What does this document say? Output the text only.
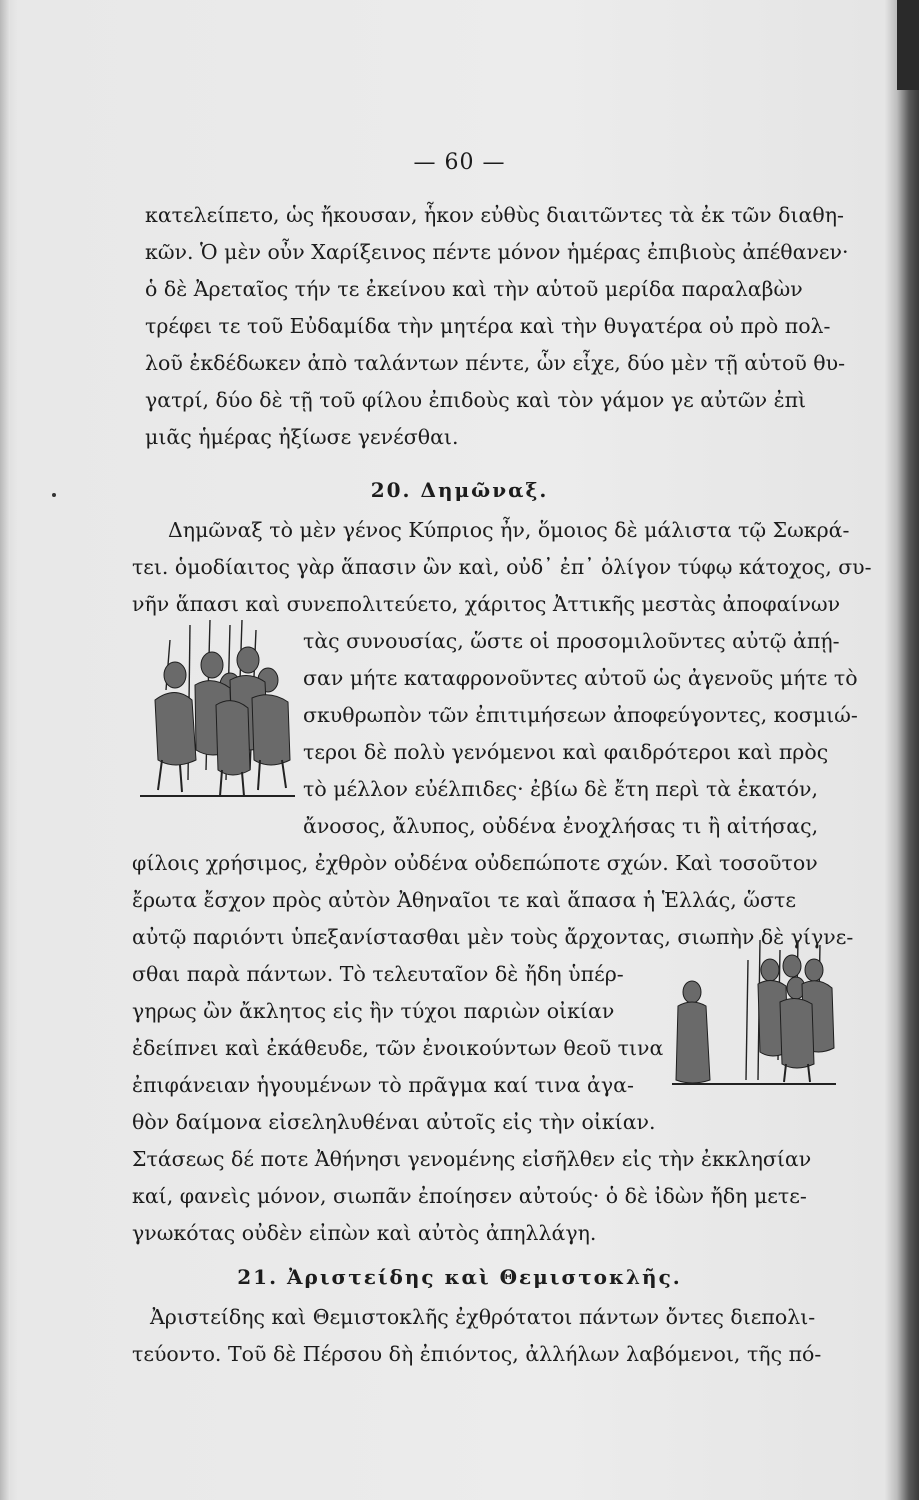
— 60 —
κατελείπετο, ὡς ἤκουσαν, ἧκον εὐθὺς διαιτῶντες τὰ ἐκ τῶν διαθη-
κῶν. Ὁ μὲν οὖν Χαρίξεινος πέντε μόνον ἡμέρας ἐπιβιοὺς ἀπέθανεν·
ὁ δὲ Ἀρεταῖος τήν τε ἐκείνου καὶ τὴν αὑτοῦ μερίδα παραλαβὼν
τρέφει τε τοῦ Εὐδαμίδα τὴν μητέρα καὶ τὴν θυγατέρα οὐ πρὸ πολ-
λοῦ ἐκδέδωκεν ἀπὸ ταλάντων πέντε, ὧν εἶχε, δύο μὲν τῇ αὑτοῦ θυ-
γατρί, δύο δὲ τῇ τοῦ φίλου ἐπιδοὺς καὶ τὸν γάμον γε αὐτῶν ἐπὶ
μιᾶς ἡμέρας ἠξίωσε γενέσθαι.
20. Δημῶναξ.
Δημῶναξ τὸ μὲν γένος Κύπριος ἦν, ὅμοιος δὲ μάλιστα τῷ Σωκρά-
τει. ὁμοδίαιτος γὰρ ἅπασιν ὢν καὶ, οὐδ᾽ ἐπ᾽ ὀλίγον τύφῳ κάτοχος, συ-
νῆν ἅπασι καὶ συνεπολιτεύετο, χάριτος Ἀττικῆς μεστὰς ἀποφαίνων
τὰς συνουσίας, ὥστε οἱ προσομιλοῦντες αὐτῷ ἀπῄ-
σαν μήτε καταφρονοῦντες αὐτοῦ ὡς ἀγενοῦς μήτε τὸ
σκυθρωπὸν τῶν ἐπιτιμήσεων ἀποφεύγοντες, κοσμιώ-
τεροι δὲ πολὺ γενόμενοι καὶ φαιδρότεροι καὶ πρὸς
τὸ μέλλον εὐέλπιδες· ἐβίω δὲ ἔτη περὶ τὰ ἑκατόν,
ἄνοσος, ἄλυπος, οὐδένα ἐνοχλήσας τι ἢ αἰτήσας,
φίλοις χρήσιμος, ἐχθρὸν οὐδένα οὐδεπώποτε σχών. Καὶ τοσοῦτον
ἔρωτα ἔσχον πρὸς αὐτὸν Ἀθηναῖοι τε καὶ ἅπασα ἡ Ἑλλάς, ὥστε
αὐτῷ παριόντι ὑπεξανίστασθαι μὲν τοὺς ἄρχοντας, σιωπὴν δὲ γίγνε-
σθαι παρὰ πάντων. Τὸ τελευταῖον δὲ ἤδη ὑπέρ-
γηρως ὢν ἄκλητος εἰς ἣν τύχοι παριὼν οἰκίαν
ἐδείπνει καὶ ἐκάθευδε, τῶν ἐνοικούντων θεοῦ τινα
ἐπιφάνειαν ἡγουμένων τὸ πρᾶγμα καί τινα ἀγα-
θὸν δαίμονα εἰσεληλυθέναι αὐτοῖς εἰς τὴν οἰκίαν.
Στάσεως δέ ποτε Ἀθήνησι γενομένης εἰσῆλθεν εἰς τὴν ἐκκλησίαν
καί, φανεὶς μόνον, σιωπᾶν ἐποίησεν αὐτούς· ὁ δὲ ἰδὼν ἤδη μετε-
γνωκότας οὐδὲν εἰπὼν καὶ αὐτὸς ἀπηλλάγη.
21. Ἀριστείδης καὶ Θεμιστοκλῆς.
Ἀριστείδης καὶ Θεμιστοκλῆς ἐχθρότατοι πάντων ὄντες διεπολι-
τεύοντο. Τοῦ δὲ Πέρσου δὴ ἐπιόντος, ἀλλήλων λαβόμενοι, τῆς πό-
